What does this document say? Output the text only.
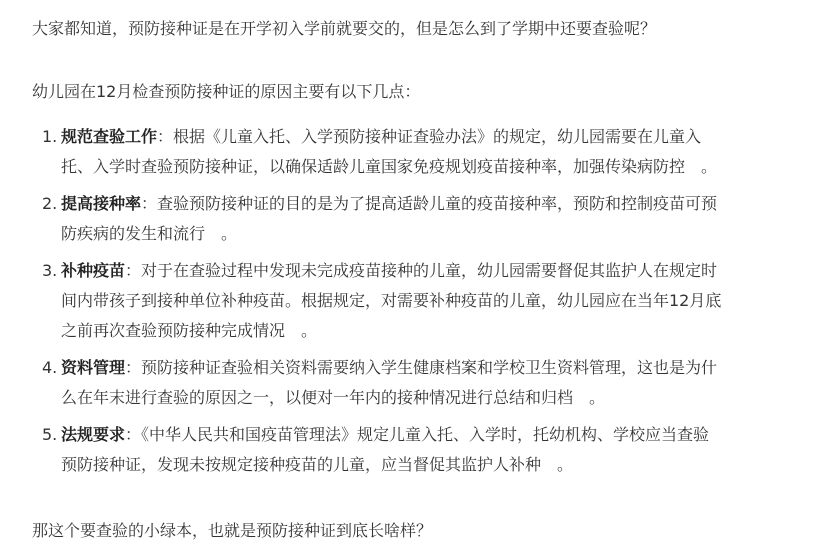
大家都知道，预防接种证是在开学初入学前就要交的，但是怎么到了学期中还要查验呢？

幼儿园在12月检查预防接种证的原因主要有以下几点：

1. 规范查验工作：根据《儿童入托、入学预防接种证查验办法》的规定，幼儿园需要在儿童入
托、入学时查验预防接种证，以确保适龄儿童国家免疫规划疫苗接种率，加强传染病防控　。
2. 提高接种率：查验预防接种证的目的是为了提高适龄儿童的疫苗接种率，预防和控制疫苗可预
防疾病的发生和流行　。
3. 补种疫苗：对于在查验过程中发现未完成疫苗接种的儿童，幼儿园需要督促其监护人在规定时
间内带孩子到接种单位补种疫苗。根据规定，对需要补种疫苗的儿童，幼儿园应在当年12月底
之前再次查验预防接种完成情况　。
4. 资料管理：预防接种证查验相关资料需要纳入学生健康档案和学校卫生资料管理，这也是为什
么在年末进行查验的原因之一，以便对一年内的接种情况进行总结和归档　。
5. 法规要求：《中华人民共和国疫苗管理法》规定儿童入托、入学时，托幼机构、学校应当查验
预防接种证，发现未按规定接种疫苗的儿童，应当督促其监护人补种　。

那这个要查验的小绿本，也就是预防接种证到底长啥样？
